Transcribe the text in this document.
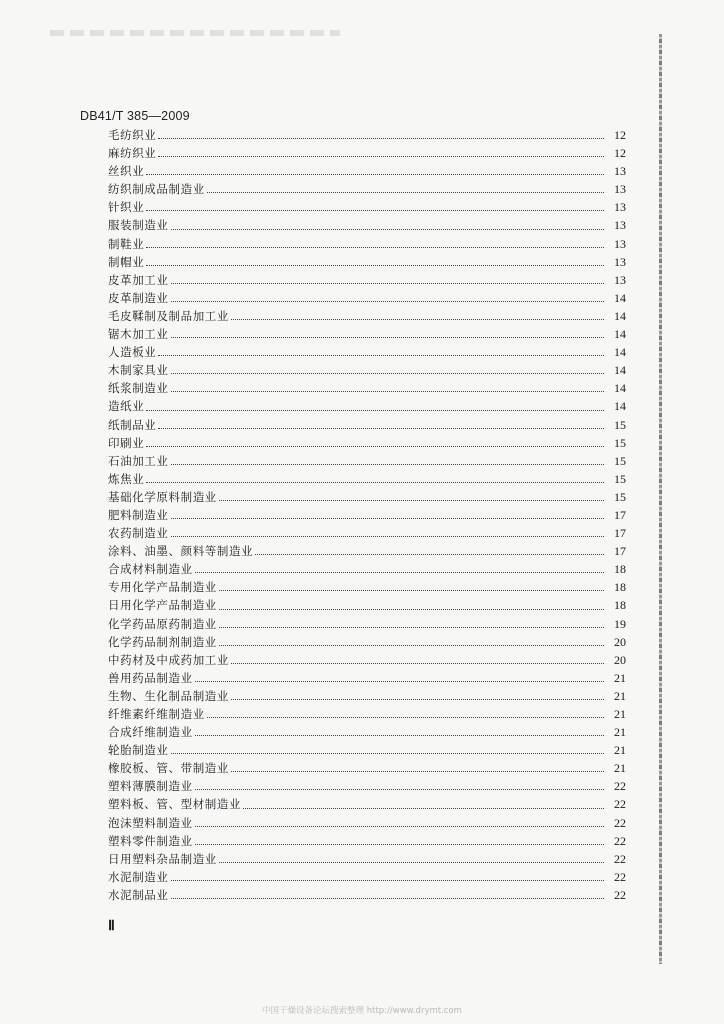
DB41/T 385—2009
毛纺织业	12
麻纺织业	12
丝织业	13
纺织制成品制造业	13
针织业	13
服装制造业	13
制鞋业	13
制帽业	13
皮革加工业	13
皮革制造业	14
毛皮鞣制及制品加工业	14
锯木加工业	14
人造板业	14
木制家具业	14
纸浆制造业	14
造纸业	14
纸制品业	15
印刷业	15
石油加工业	15
炼焦业	15
基础化学原料制造业	15
肥料制造业	17
农药制造业	17
涂料、油墨、颜料等制造业	17
合成材料制造业	18
专用化学产品制造业	18
日用化学产品制造业	18
化学药品原药制造业	19
化学药品制剂制造业	20
中药材及中成药加工业	20
兽用药品制造业	21
生物、生化制品制造业	21
纤维素纤维制造业	21
合成纤维制造业	21
轮胎制造业	21
橡胶板、管、带制造业	21
塑料薄膜制造业	22
塑料板、管、型材制造业	22
泡沫塑料制造业	22
塑料零件制造业	22
日用塑料杂品制造业	22
水泥制造业	22
水泥制品业	22
Ⅱ
中国干燥设备论坛搜索整理 http://www.drymt.com
